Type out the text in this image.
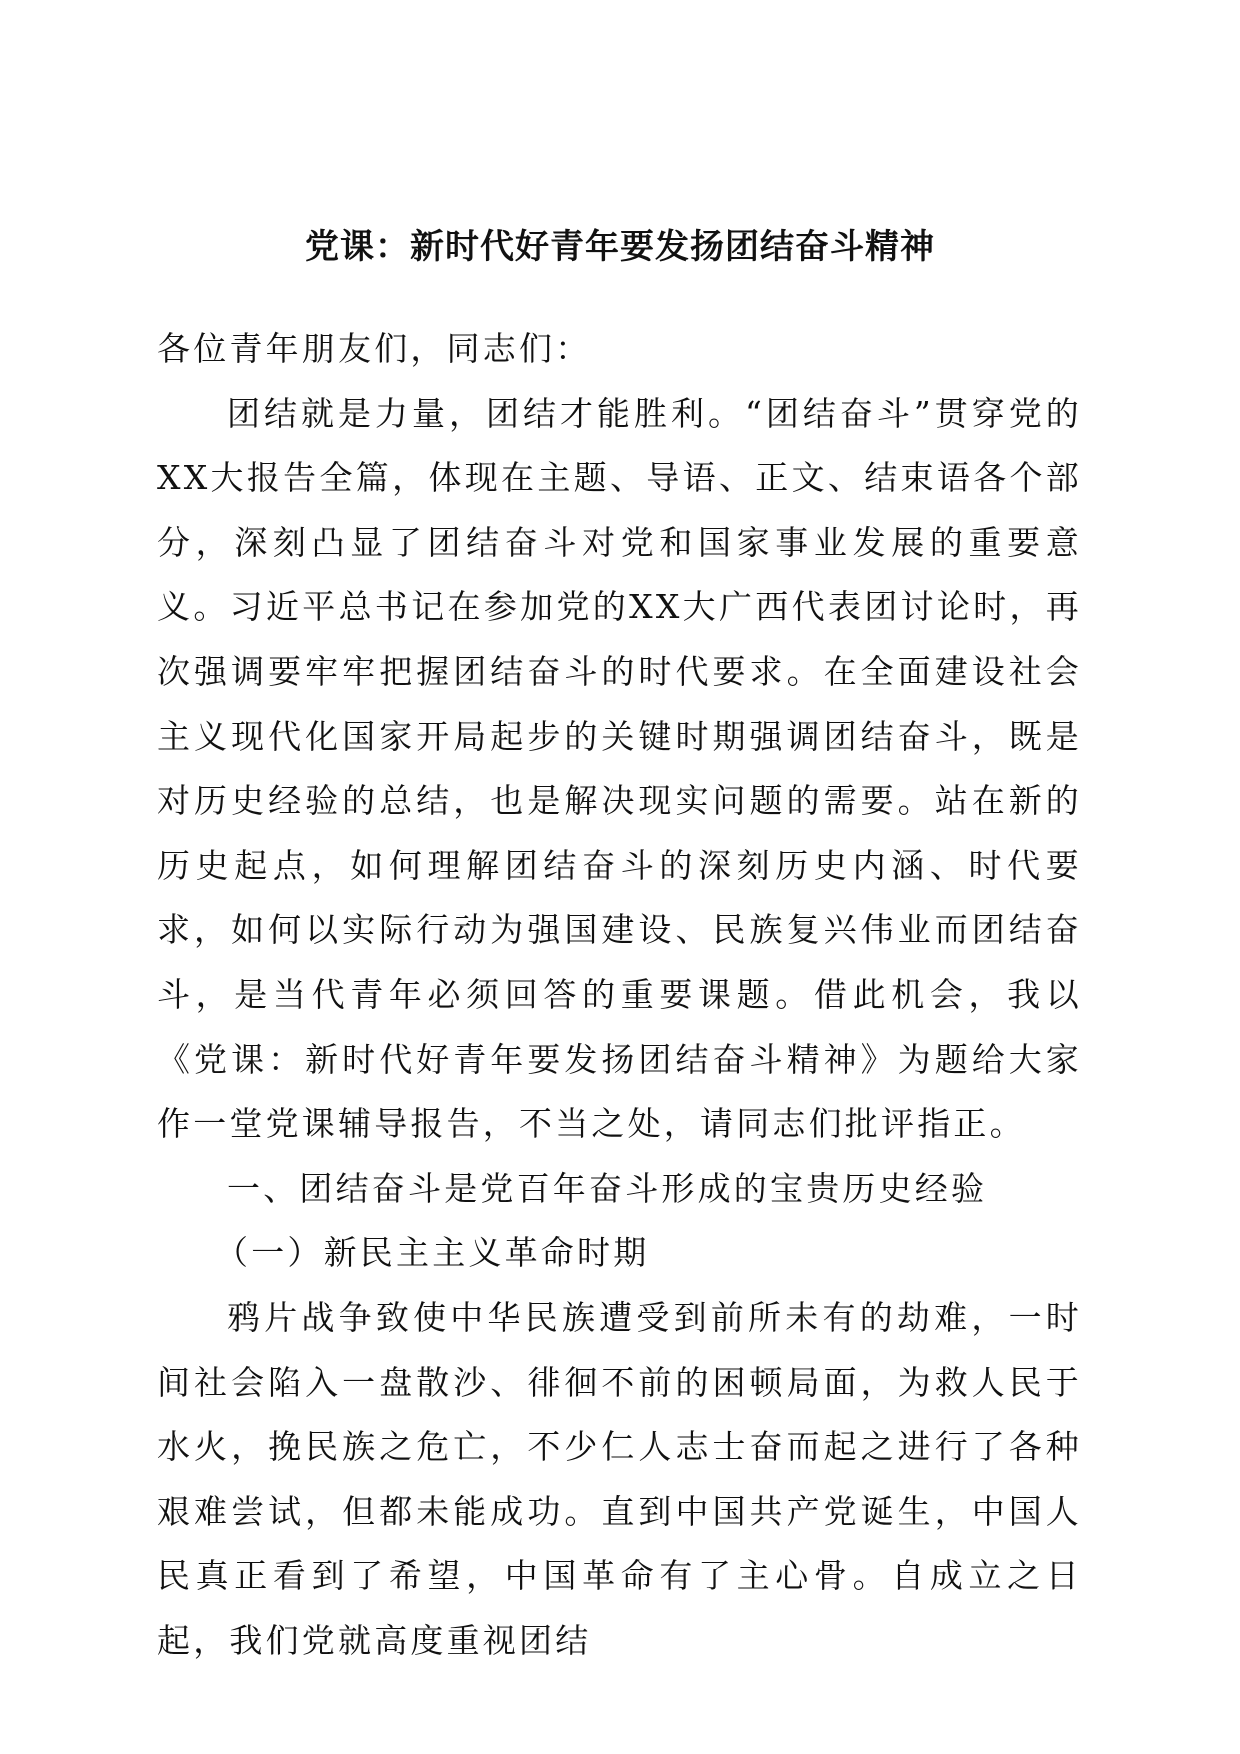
党课：新时代好青年要发扬团结奋斗精神

各位青年朋友们，同志们：

团结就是力量，团结才能胜利。“团结奋斗”贯穿党的XX大报告全篇，体现在主题、导语、正文、结束语各个部分，深刻凸显了团结奋斗对党和国家事业发展的重要意义。习近平总书记在参加党的XX大广西代表团讨论时，再次强调要牢牢把握团结奋斗的时代要求。在全面建设社会主义现代化国家开局起步的关键时期强调团结奋斗，既是对历史经验的总结，也是解决现实问题的需要。站在新的历史起点，如何理解团结奋斗的深刻历史内涵、时代要求，如何以实际行动为强国建设、民族复兴伟业而团结奋斗，是当代青年必须回答的重要课题。借此机会，我以《党课：新时代好青年要发扬团结奋斗精神》为题给大家作一堂党课辅导报告，不当之处，请同志们批评指正。

一、团结奋斗是党百年奋斗形成的宝贵历史经验

（一）新民主主义革命时期

鸦片战争致使中华民族遭受到前所未有的劫难，一时间社会陷入一盘散沙、徘徊不前的困顿局面，为救人民于水火，挽民族之危亡，不少仁人志士奋而起之进行了各种艰难尝试，但都未能成功。直到中国共产党诞生，中国人民真正看到了希望，中国革命有了主心骨。自成立之日起，我们党就高度重视团结
